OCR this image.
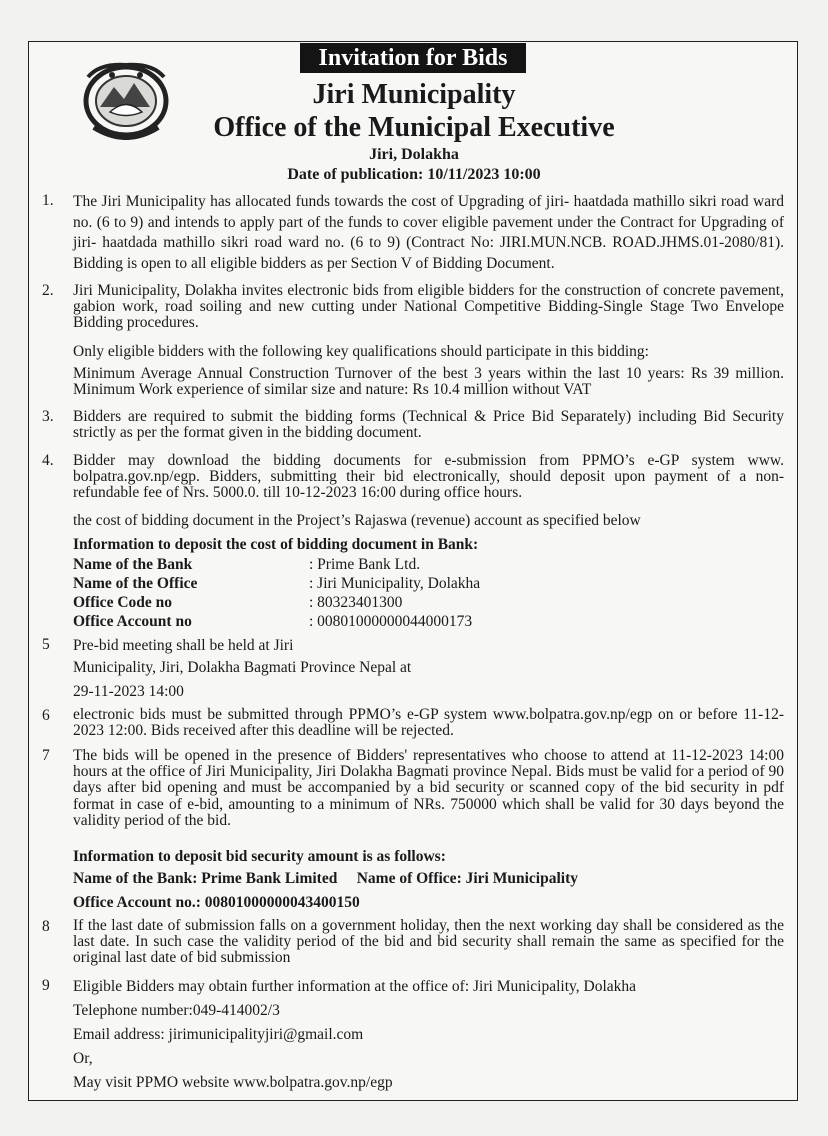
Invitation for Bids
Jiri Municipality
Office of the Municipal Executive
Jiri, Dolakha
Date of publication: 10/11/2023 10:00
1. The Jiri Municipality has allocated funds towards the cost of Upgrading of jiri- haatdada mathillo sikri road ward no. (6 to 9) and intends to apply part of the funds to cover eligible pavement under the Contract for Upgrading of jiri- haatdada mathillo sikri road ward no. (6 to 9) (Contract No: JIRI.MUN.NCB. ROAD.JHMS.01-2080/81). Bidding is open to all eligible bidders as per Section V of Bidding Document.
2. Jiri Municipality, Dolakha invites electronic bids from eligible bidders for the construction of concrete pavement, gabion work, road soiling and new cutting under National Competitive Bidding-Single Stage Two Envelope Bidding procedures.
Only eligible bidders with the following key qualifications should participate in this bidding:
Minimum Average Annual Construction Turnover of the best 3 years within the last 10 years: Rs 39 million. Minimum Work experience of similar size and nature: Rs 10.4 million without VAT
3. Bidders are required to submit the bidding forms (Technical & Price Bid Separately) including Bid Security strictly as per the format given in the bidding document.
4. Bidder may download the bidding documents for e-submission from PPMO’s e-GP system www. bolpatra.gov.np/egp. Bidders, submitting their bid electronically, should deposit upon payment of a non-refundable fee of Nrs. 5000.0. till 10-12-2023 16:00 during office hours.
the cost of bidding document in the Project’s Rajaswa (revenue) account as specified below
Information to deposit the cost of bidding document in Bank:
Name of the Bank	: Prime Bank Ltd.
Name of the Office	: Jiri Municipality, Dolakha
Office Code no	: 80323401300
Office Account no	: 00801000000044000173
5 Pre-bid meeting shall be held at Jiri
Municipality, Jiri, Dolakha Bagmati Province Nepal at
29-11-2023 14:00
6 electronic bids must be submitted through PPMO’s e-GP system www.bolpatra.gov.np/egp on or before 11-12-2023 12:00. Bids received after this deadline will be rejected.
7 The bids will be opened in the presence of Bidders' representatives who choose to attend at 11-12-2023 14:00 hours at the office of Jiri Municipality, Jiri Dolakha Bagmati province Nepal. Bids must be valid for a period of 90 days after bid opening and must be accompanied by a bid security or scanned copy of the bid security in pdf format in case of e-bid, amounting to a minimum of NRs. 750000 which shall be valid for 30 days beyond the validity period of the bid.
Information to deposit bid security amount is as follows:
Name of the Bank: Prime Bank Limited     Name of Office: Jiri Municipality
Office Account no.: 00801000000043400150
8 If the last date of submission falls on a government holiday, then the next working day shall be considered as the last date. In such case the validity period of the bid and bid security shall remain the same as specified for the original last date of bid submission
9 Eligible Bidders may obtain further information at the office of: Jiri Municipality, Dolakha
Telephone number:049-414002/3
Email address: jirimunicipalityjiri@gmail.com
Or,
May visit PPMO website www.bolpatra.gov.np/egp
